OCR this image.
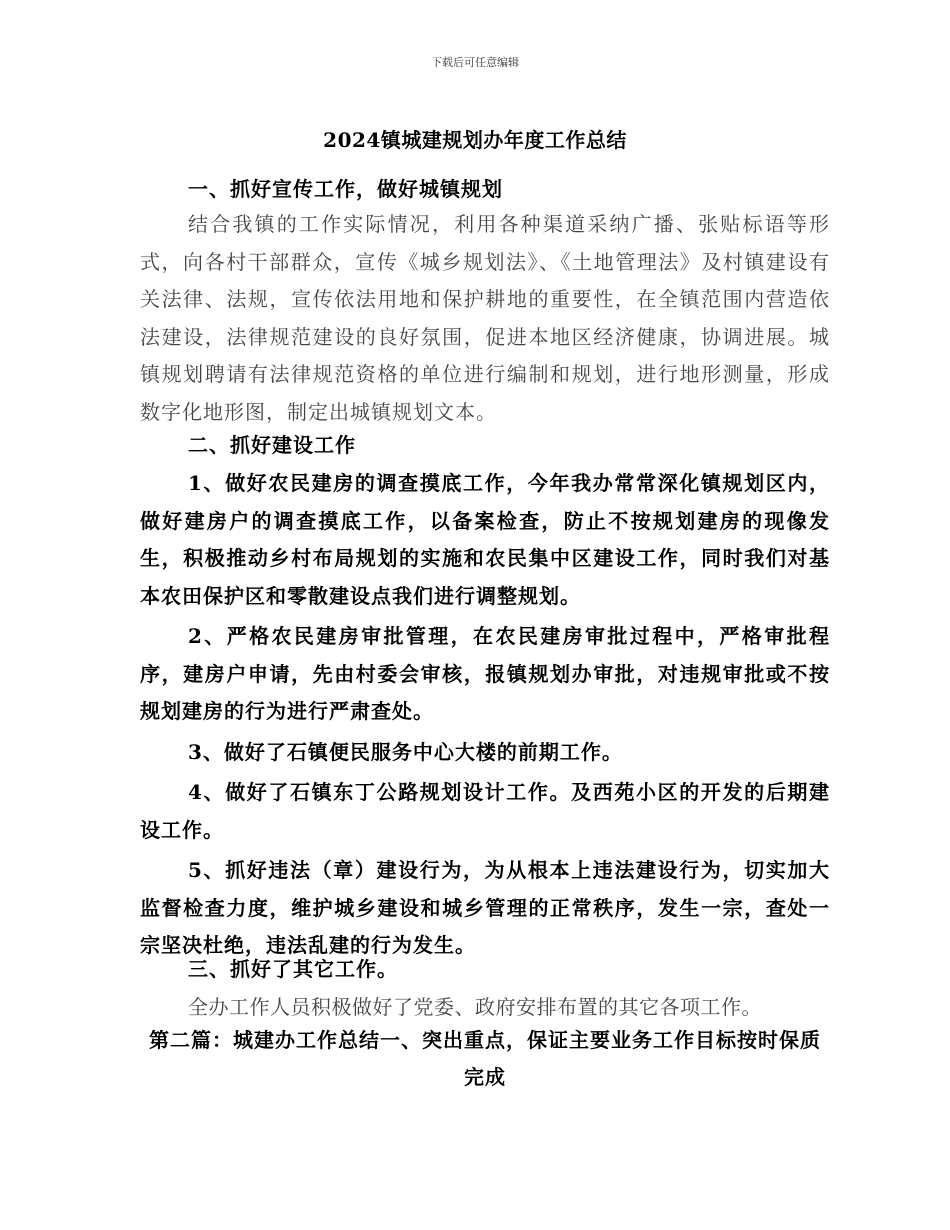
下载后可任意编辑
2024镇城建规划办年度工作总结
一、抓好宣传工作，做好城镇规划
结合我镇的工作实际情况，利用各种渠道采纳广播、张贴标语等形式，向各村干部群众，宣传《城乡规划法》、《土地管理法》及村镇建设有关法律、法规，宣传依法用地和保护耕地的重要性，在全镇范围内营造依法建设，法律规范建设的良好氛围，促进本地区经济健康，协调进展。城镇规划聘请有法律规范资格的单位进行编制和规划，进行地形测量，形成数字化地形图，制定出城镇规划文本。
二、抓好建设工作
1、做好农民建房的调查摸底工作，今年我办常常深化镇规划区内，做好建房户的调查摸底工作，以备案检查，防止不按规划建房的现像发生，积极推动乡村布局规划的实施和农民集中区建设工作，同时我们对基本农田保护区和零散建设点我们进行调整规划。
2、严格农民建房审批管理，在农民建房审批过程中，严格审批程序，建房户申请，先由村委会审核，报镇规划办审批，对违规审批或不按规划建房的行为进行严肃查处。
3、做好了石镇便民服务中心大楼的前期工作。
4、做好了石镇东丁公路规划设计工作。及西苑小区的开发的后期建设工作。
5、抓好违法（章）建设行为，为从根本上违法建设行为，切实加大监督检查力度，维护城乡建设和城乡管理的正常秩序，发生一宗，查处一宗坚决杜绝，违法乱建的行为发生。
三、抓好了其它工作。
全办工作人员积极做好了党委、政府安排布置的其它各项工作。
第二篇：城建办工作总结一、突出重点，保证主要业务工作目标按时保质完成
